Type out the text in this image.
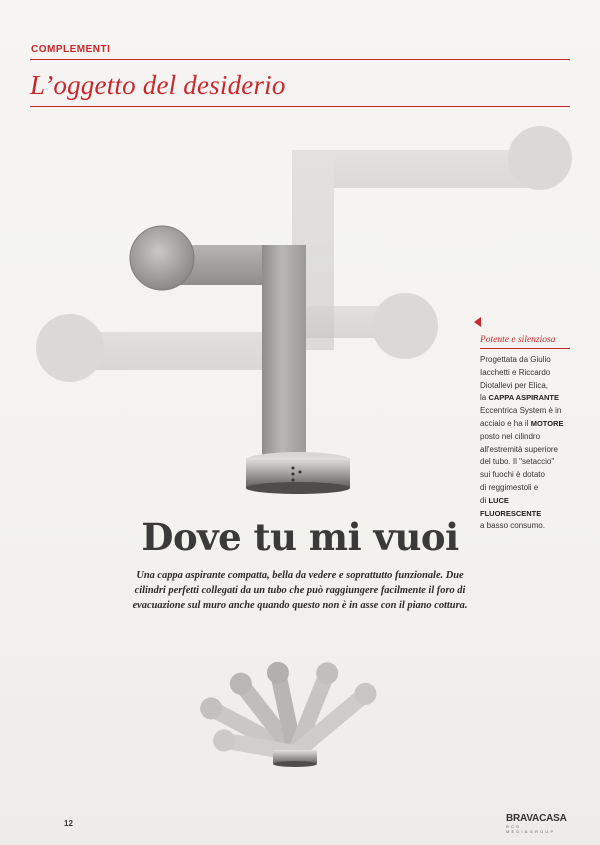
COMPLEMENTI
L’oggetto del desiderio
Potente e silenziosa
Progettata da Giulio
Iacchetti e Riccardo
Diotallevi per Elica,
la CAPPA ASPIRANTE
Eccentrica System è in
acciaio e ha il MOTORE
posto nel cilindro
all'estremità superiore
del tubo. Il "setaccio"
sui fuochi è dotato
di reggimestoli e
di LUCE FLUORESCENTE
a basso consumo.
Dove tu mi vuoi
Una cappa aspirante compatta, bella da vedere e soprattutto funzionale. Due cilindri perfetti collegati da un tubo che può raggiungere facilmente il foro di evacuazione sul muro anche quando questo non è in asse con il piano cottura.
12	BRAVACASA
RCS MEDIAGROUP
